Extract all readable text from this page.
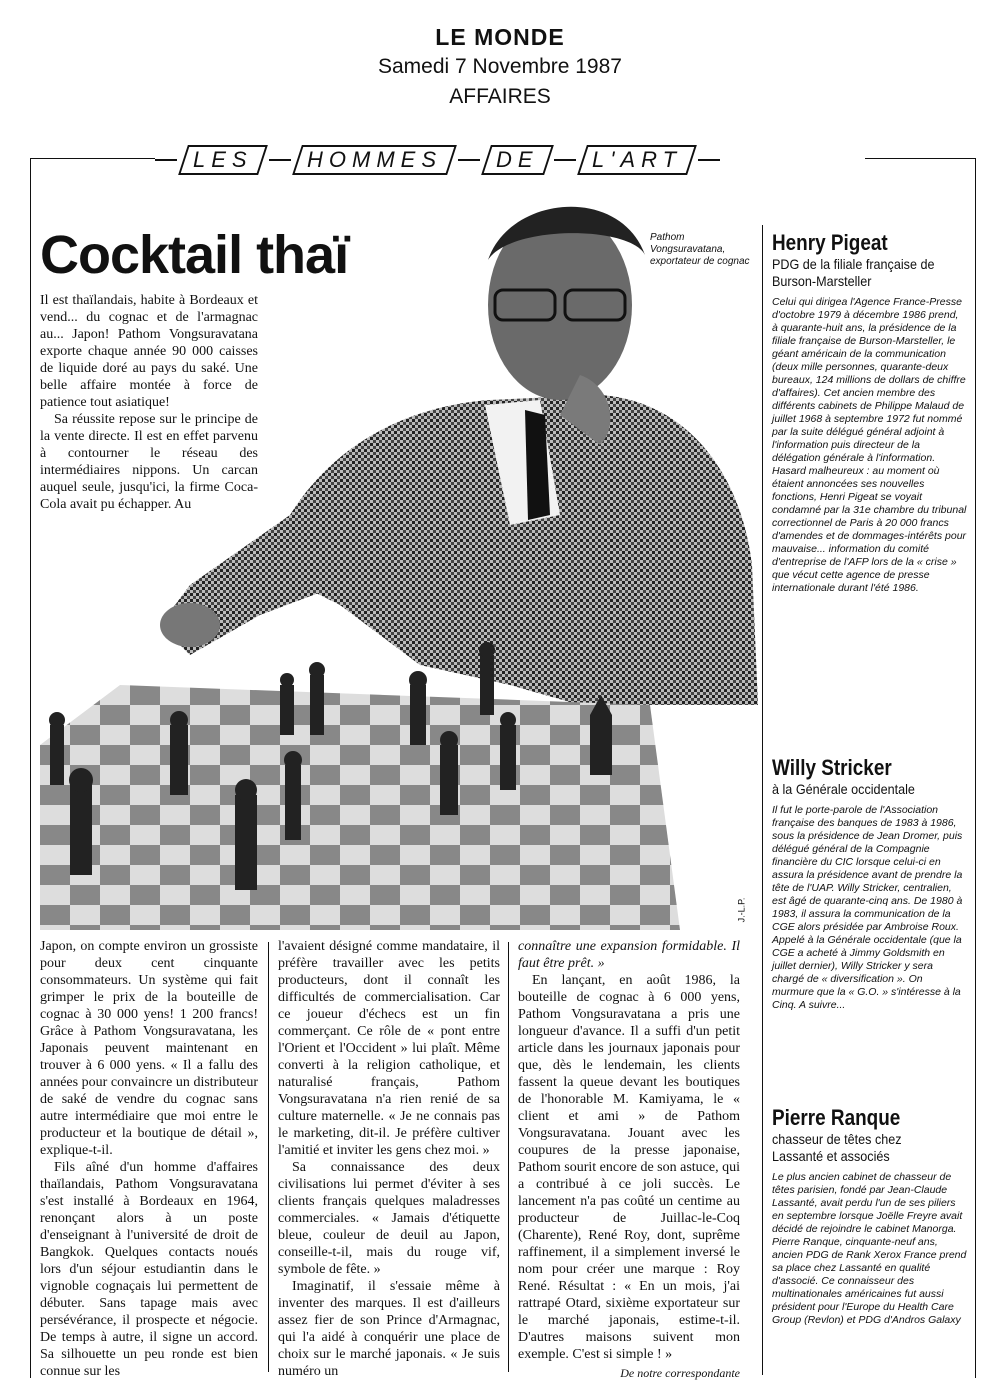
LE MONDE
Samedi 7 Novembre 1987
AFFAIRES
LES HOMMES DE L'ART
Pathom Vongsuravatana, exportateur de cognac
J.-L.P.
Cocktail thaï

Il est thaïlandais, habite à Bordeaux et vend... du cognac et de l'armagnac au... Japon! Pathom Vongsuravatana exporte chaque année 90 000 caisses de liquide doré au pays du saké. Une belle affaire montée à force de patience tout asiatique!

Sa réussite repose sur le principe de la vente directe. Il est en effet parvenu à contourner le réseau des intermédiaires nippons. Un carcan auquel seule, jusqu'ici, la firme Coca-Cola avait pu échapper. Au

Japon, on compte environ un grossiste pour deux cent cinquante consommateurs. Un système qui fait grimper le prix de la bouteille de cognac à 30 000 yens! 1 200 francs! Grâce à Pathom Vongsuravatana, les Japonais peuvent maintenant en trouver à 6 000 yens. « Il a fallu des années pour convaincre un distributeur de saké de vendre du cognac sans autre intermédiaire que moi entre le producteur et la boutique de détail », explique-t-il.

Fils aîné d'un homme d'affaires thaïlandais, Pathom Vongsuravatana s'est installé à Bordeaux en 1964, renonçant alors à un poste d'enseignant à l'université de droit de Bangkok. Quelques contacts noués lors d'un séjour estudiantin dans le vignoble cognaçais lui permettent de débuter. Sans tapage mais avec persévérance, il prospecte et négocie. De temps à autre, il signe un accord. Sa silhouette un peu ronde est bien connue sur les

l'avaient désigné comme mandataire, il préfère travailler avec les petits producteurs, dont il connaît les difficultés de commercialisation. Car ce joueur d'échecs est un fin commerçant. Ce rôle de « pont entre l'Orient et l'Occident » lui plaît. Même converti à la religion catholique, et naturalisé français, Pathom Vongsuravatana n'a rien renié de sa culture maternelle. « Je ne connais pas le marketing, dit-il. Je préfère cultiver l'amitié et inviter les gens chez moi. »

Sa connaissance des deux civilisations lui permet d'éviter à ses clients français quelques maladresses commerciales. « Jamais d'étiquette bleue, couleur de deuil au Japon, conseille-t-il, mais du rouge vif, symbole de fête. »

Imaginatif, il s'essaie même à inventer des marques. Il est d'ailleurs assez fier de son Prince d'Armagnac, qui l'a aidé à conquérir une place de choix sur le marché japonais. « Je suis numéro un

connaître une expansion formidable. Il faut être prêt. »

En lançant, en août 1986, la bouteille de cognac à 6 000 yens, Pathom Vongsuravatana a pris une longueur d'avance. Il a suffi d'un petit article dans les journaux japonais pour que, dès le lendemain, les clients fassent la queue devant les boutiques de l'honorable M. Kamiyama, le « client et ami » de Pathom Vongsuravatana. Jouant avec les coupures de la presse japonaise, Pathom sourit encore de son astuce, qui a contribué à ce joli succès. Le lancement n'a pas coûté un centime au producteur de Juillac-le-Coq (Charente), René Roy, dont, suprême raffinement, il a simplement inversé le nom pour créer une marque : Roy René. Résultat : « En un mois, j'ai rattrapé Otard, sixième exportateur sur le marché japonais, estime-t-il. D'autres maisons suivent mon exemple. C'est si simple ! »

De notre correspondante
Henry Pigeat
PDG de la filiale française de Burson-Marsteller

Celui qui dirigea l'Agence France-Presse d'octobre 1979 à décembre 1986 prend, à quarante-huit ans, la présidence de la filiale française de Burson-Marsteller, le géant américain de la communication (deux mille personnes, quarante-deux bureaux, 124 millions de dollars de chiffre d'affaires). Cet ancien membre des différents cabinets de Philippe Malaud de juillet 1968 à septembre 1972 fut nommé par la suite délégué général adjoint à l'information puis directeur de la délégation générale à l'information.

Hasard malheureux : au moment où étaient annoncées ses nouvelles fonctions, Henri Pigeat se voyait condamné par la 31e chambre du tribunal correctionnel de Paris à 20 000 francs d'amendes et de dommages-intérêts pour mauvaise... information du comité d'entreprise de l'AFP lors de la « crise » que vécut cette agence de presse internationale durant l'été 1986.

Willy Stricker
à la Générale occidentale

Il fut le porte-parole de l'Association française des banques de 1983 à 1986, sous la présidence de Jean Dromer, puis délégué général de la Compagnie financière du CIC lorsque celui-ci en assura la présidence avant de prendre la tête de l'UAP. Willy Stricker, centralien, est âgé de quarante-cinq ans. De 1980 à 1983, il assura la communication de la CGE alors présidée par Ambroise Roux. Appelé à la Générale occidentale (que la CGE a acheté à Jimmy Goldsmith en juillet dernier), Willy Stricker y sera chargé de « diversification ». On murmure que la « G.O. » s'intéresse à la Cinq. A suivre...

Pierre Ranque
chasseur de têtes chez Lassanté et associés

Le plus ancien cabinet de chasseur de têtes parisien, fondé par Jean-Claude Lassanté, avait perdu l'un de ses piliers en septembre lorsque Joëlle Freyre avait décidé de rejoindre le cabinet Manorga. Pierre Ranque, cinquante-neuf ans, ancien PDG de Rank Xerox France prend sa place chez Lassanté en qualité d'associé. Ce connaisseur des multinationales américaines fut aussi président pour l'Europe du Health Care Group (Revlon) et PDG d'Andros Galaxy
